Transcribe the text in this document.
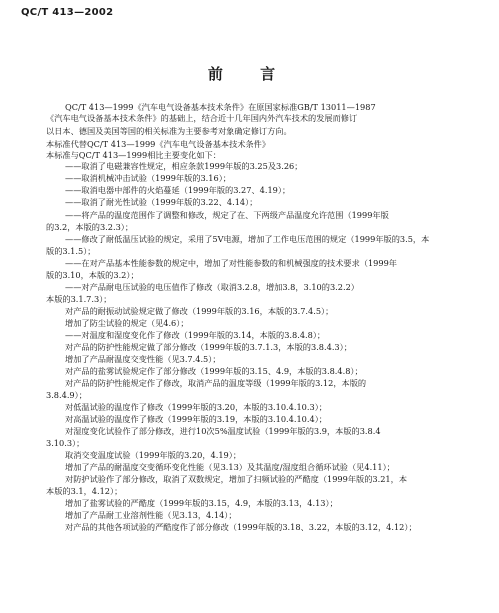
QC/T 413—2002
前 言
QC/T 413—1999《汽车电气设备基本技术条件》在原国家标准GB/T 13011—1987
《汽车电气设备基本技术条件》的基础上，结合近十几年国内外汽车技术的发展而修订
以日本、德国及美国等国的相关标准为主要参考对象确定修订方向。
本标准代替QC/T 413—1999《汽车电气设备基本技术条件》
本标准与QC/T 413—1999相比主要变化如下：
——取消了电磁兼容性规定，相应条款1999年版的3.25及3.26；
——取消机械冲击试验（1999年版的3.16）；
——取消电器中部件的火焰蔓延（1999年版的3.27、4.19）；
——取消了耐光性试验（1999年版的3.22、4.14）；
——将产品的温度范围作了调整和修改，规定了在、下两级产品温度允许范围（1999年版
的3.2，本版的3.2.3）；
——修改了耐低温压试验的规定，采用了5V电源，增加了工作电压范围的规定（1999年版的3.5，本
版的3.1.5）；
——在对产品基本性能参数的规定中，增加了对性能参数的和机械强度的技术要求（1999年
版的3.10，本版的3.2）；
——对产品耐电压试验的电压值作了修改（取消3.2.8，增加3.8，3.10的3.2.2）
本版的3.1.7.3）；
对产品的耐振动试验规定做了修改（1999年版的3.16，本版的3.7.4.5）；
增加了防尘试验的规定（见4.6）；
——对温度和湿度变化作了修改（1999年版的3.14，本版的3.8.4.8）；
对产品的防护性能规定做了部分修改（1999年版的3.7.1.3，本版的3.8.4.3）；
增加了产品耐温度交变性能（见3.7.4.5）；
对产品的盐雾试验规定作了部分修改（1999年版的3.15、4.9，本版的3.8.4.8）；
对产品的防护性能规定作了修改，取消产品的温度等级（1999年版的3.12，本版的
3.8.4.9）；
对低温试验的温度作了修改（1999年版的3.20，本版的3.10.4.10.3）；
对高温试验的温度作了修改（1999年版的3.19，本版的3.10.4.10.4）；
对湿度变化试验作了部分修改，进行10次5%温度试验（1999年版的3.9，本版的3.8.4
3.10.3）；
取消交变温度试验（1999年版的3.20，4.19）；
增加了产品的耐温度交变循环变化性能（见3.13）及其温度/湿度组合循环试验（见4.11）；
对防护试验作了部分修改，取消了双数规定，增加了扫频试验的严酷度（1999年版的3.21，本
本版的3.1，4.12）；
增加了盐雾试验的严酷度（1999年版的3.15，4.9，本版的3.13，4.13）；
增加了产品耐工业溶剂性能（见3.13，4.14）；
对产品的其他各项试验的严酷度作了部分修改（1999年版的3.18、3.22，本版的3.12，4.12）；
